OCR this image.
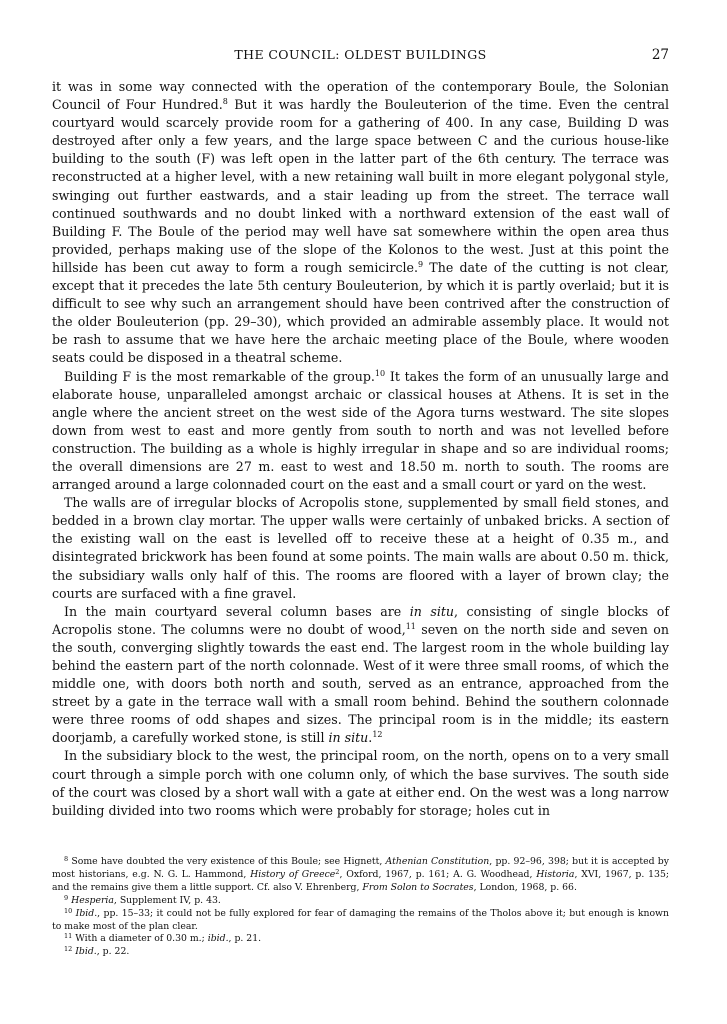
THE COUNCIL: OLDEST BUILDINGS	27

it was in some way connected with the operation of the contemporary Boule, the Solonian Council of Four Hundred.$^8$ But it was hardly the Bouleuterion of the time. Even the central courtyard would scarcely provide room for a gathering of 400. In any case, Building D was destroyed after only a few years, and the large space between C and the curious house-like building to the south (F) was left open in the latter part of the 6th century. The terrace was reconstructed at a higher level, with a new retaining wall built in more elegant polygonal style, swinging out further eastwards, and a stair leading up from the street. The terrace wall continued southwards and no doubt linked with a northward extension of the east wall of Building F. The Boule of the period may well have sat somewhere within the open area thus provided, perhaps making use of the slope of the Kolonos to the west. Just at this point the hillside has been cut away to form a rough semicircle.$^9$ The date of the cutting is not clear, except that it precedes the late 5th century Bouleuterion, by which it is partly overlaid; but it is difficult to see why such an arrangement should have been contrived after the construction of the older Bouleuterion (pp. 29–30), which provided an admirable assembly place. It would not be rash to assume that we have here the archaic meeting place of the Boule, where wooden seats could be disposed in a theatral scheme.

Building F is the most remarkable of the group.$^{10}$ It takes the form of an unusually large and elaborate house, unparalleled amongst archaic or classical houses at Athens. It is set in the angle where the ancient street on the west side of the Agora turns westward. The site slopes down from west to east and more gently from south to north and was not levelled before construction. The building as a whole is highly irregular in shape and so are individual rooms; the overall dimensions are 27 m. east to west and 18.50 m. north to south. The rooms are arranged around a large colonnaded court on the east and a small court or yard on the west.

The walls are of irregular blocks of Acropolis stone, supplemented by small field stones, and bedded in a brown clay mortar. The upper walls were certainly of unbaked bricks. A section of the existing wall on the east is levelled off to receive these at a height of 0.35 m., and disintegrated brickwork has been found at some points. The main walls are about 0.50 m. thick, the subsidiary walls only half of this. The rooms are floored with a layer of brown clay; the courts are surfaced with a fine gravel.

In the main courtyard several column bases are in situ, consisting of single blocks of Acropolis stone. The columns were no doubt of wood,$^{11}$ seven on the north side and seven on the south, converging slightly towards the east end. The largest room in the whole building lay behind the eastern part of the north colonnade. West of it were three small rooms, of which the middle one, with doors both north and south, served as an entrance, approached from the street by a gate in the terrace wall with a small room behind. Behind the southern colonnade were three rooms of odd shapes and sizes. The principal room is in the middle; its eastern doorjamb, a carefully worked stone, is still in situ.$^{12}$

In the subsidiary block to the west, the principal room, on the north, opens on to a very small court through a simple porch with one column only, of which the base survives. The south side of the court was closed by a short wall with a gate at either end. On the west was a long narrow building divided into two rooms which were probably for storage; holes cut in

$^8$ Some have doubted the very existence of this Boule; see Hignett, Athenian Constitution, pp. 92–96, 398; but it is accepted by most historians, e.g. N. G. L. Hammond, History of Greece$^2$, Oxford, 1967, p. 161; A. G. Woodhead, Historia, XVI, 1967, p. 135; and the remains give them a little support. Cf. also V. Ehrenberg, From Solon to Socrates, London, 1968, p. 66.

$^9$ Hesperia, Supplement IV, p. 43.

$^{10}$ Ibid., pp. 15–33; it could not be fully explored for fear of damaging the remains of the Tholos above it; but enough is known to make most of the plan clear.

$^{11}$ With a diameter of 0.30 m.; ibid., p. 21.

$^{12}$ Ibid., p. 22.
